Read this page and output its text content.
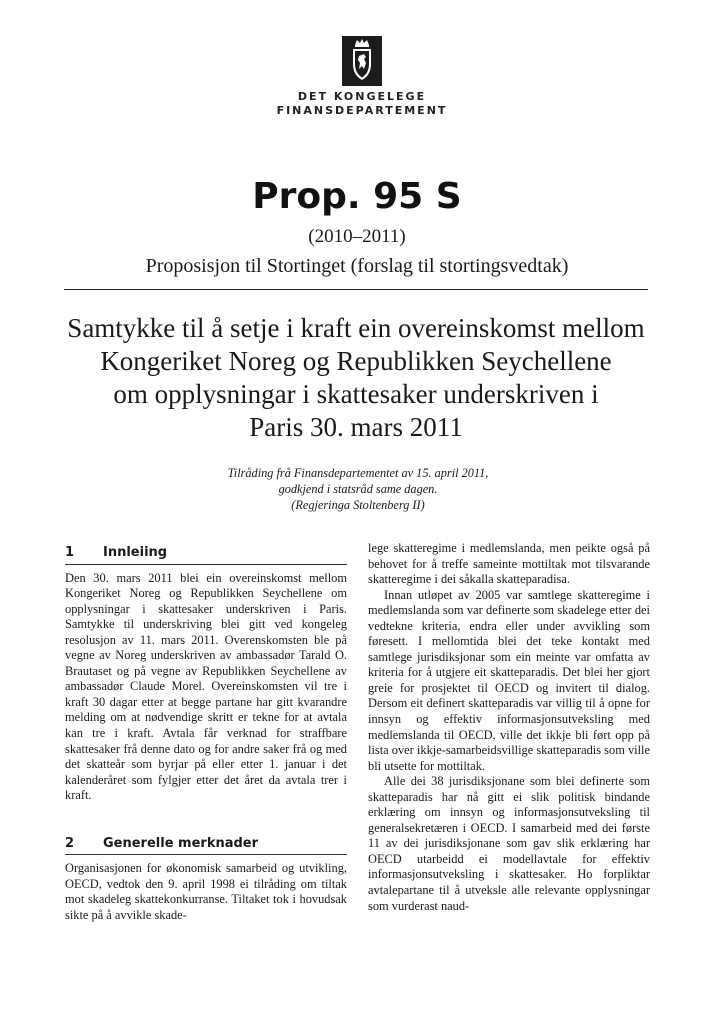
DET KONGELEGE
FINANSDEPARTEMENT
Prop. 95 S
(2010–2011)
Proposisjon til Stortinget (forslag til stortingsvedtak)
Samtykke til å setje i kraft ein overeinskomst mellom
Kongeriket Noreg og Republikken Seychellene
om opplysningar i skattesaker underskriven i
Paris 30. mars 2011
Tilråding frå Finansdepartementet av 15. april 2011,
godkjend i statsråd same dagen.
(Regjeringa Stoltenberg II)
1 Innleiing

Den 30. mars 2011 blei ein overeinskomst mellom Kongeriket Noreg og Republikken Seychellene om opplysningar i skattesaker underskriven i Paris. Samtykke til underskriving blei gitt ved kongeleg resolusjon av 11. mars 2011. Overenskomsten ble på vegne av Noreg underskriven av ambassadør Tarald O. Brautaset og på vegne av Republikken Seychellene av ambassadør Claude Morel. Overeinskomsten vil tre i kraft 30 dagar etter at begge partane har gitt kvarandre melding om at nødvendige skritt er tekne for at avtala kan tre i kraft. Avtala får verknad for straffbare skattesaker frå denne dato og for andre saker frå og med det skatteår som byrjar på eller etter 1. januar i det kalenderåret som fylgjer etter det året da avtala trer i kraft.

2 Generelle merknader

Organisasjonen for økonomisk samarbeid og utvikling, OECD, vedtok den 9. april 1998 ei tilråding om tiltak mot skadeleg skattekonkurranse. Tiltaket tok i hovudsak sikte på å avvikle skade-

lege skatteregime i medlemslanda, men peikte også på behovet for å treffe sameinte mottiltak mot tilsvarande skatteregime i dei såkalla skatteparadisa.

Innan utløpet av 2005 var samtlege skatteregime i medlemslanda som var definerte som skadelege etter dei vedtekne kriteria, endra eller under avvikling som føresett. I mellomtida blei det teke kontakt med samtlege jurisdiksjonar som ein meinte var omfatta av kriteria for å utgjere eit skatteparadis. Det blei her gjort greie for prosjektet til OECD og invitert til dialog. Dersom eit definert skatteparadis var villig til å opne for innsyn og effektiv informasjonsutveksling med medlemslanda til OECD, ville det ikkje bli ført opp på lista over ikkje-samarbeidsvillige skatteparadis som ville bli utsette for mottiltak.

Alle dei 38 jurisdiksjonane som blei definerte som skatteparadis har nå gitt ei slik politisk bindande erklæring om innsyn og informasjonsutveksling til generalsekretæren i OECD. I samarbeid med dei første 11 av dei jurisdiksjonane som gav slik erklæring har OECD utarbeidd ei modellavtale for effektiv informasjonsutveksling i skattesaker. Ho forpliktar avtalepartane til å utveksle alle relevante opplysningar som vurderast naud-
